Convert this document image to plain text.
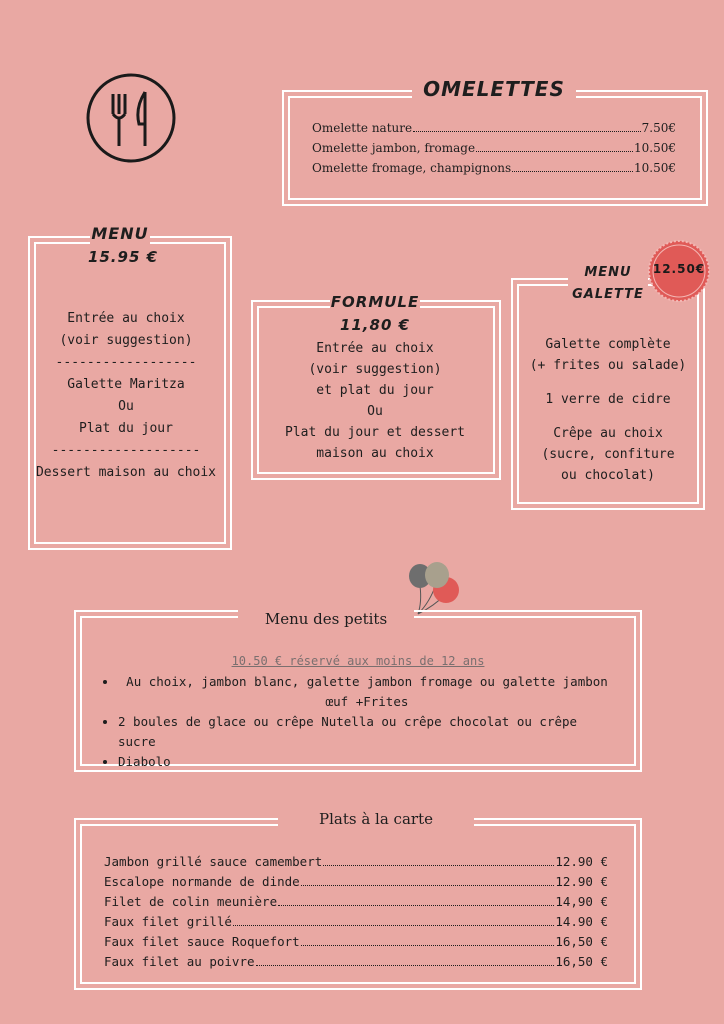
OMELETTES
Omelette nature	7.50€
Omelette jambon, fromage	10.50€
Omelette fromage, champignons	10.50€
MENU
15.95 €
Entrée au choix
(voir suggestion)
------------------
Galette Maritza
Ou
Plat du jour
-------------------
Dessert maison au choix
FORMULE
11,80 €
Entrée au choix
(voir suggestion)
et plat du jour
Ou
Plat du jour et dessert
maison au choix
MENU
GALETTE
12.50€
Galette complète
(+ frites ou salade)
1 verre de cidre
Crêpe au choix
(sucre, confiture
ou chocolat)
Menu des petits
10.50 € réservé aux moins de 12 ans
• Au choix, jambon blanc, galette jambon fromage ou galette jambon œuf +Frites
• 2 boules de glace ou crêpe Nutella ou crêpe chocolat ou crêpe sucre
• Diabolo
Plats à la carte
Jambon grillé sauce camembert	12.90 €
Escalope normande de dinde	12.90 €
Filet de colin meunière	14,90 €
Faux filet grillé	14.90 €
Faux filet sauce Roquefort	16,50 €
Faux filet au poivre	16,50 €
